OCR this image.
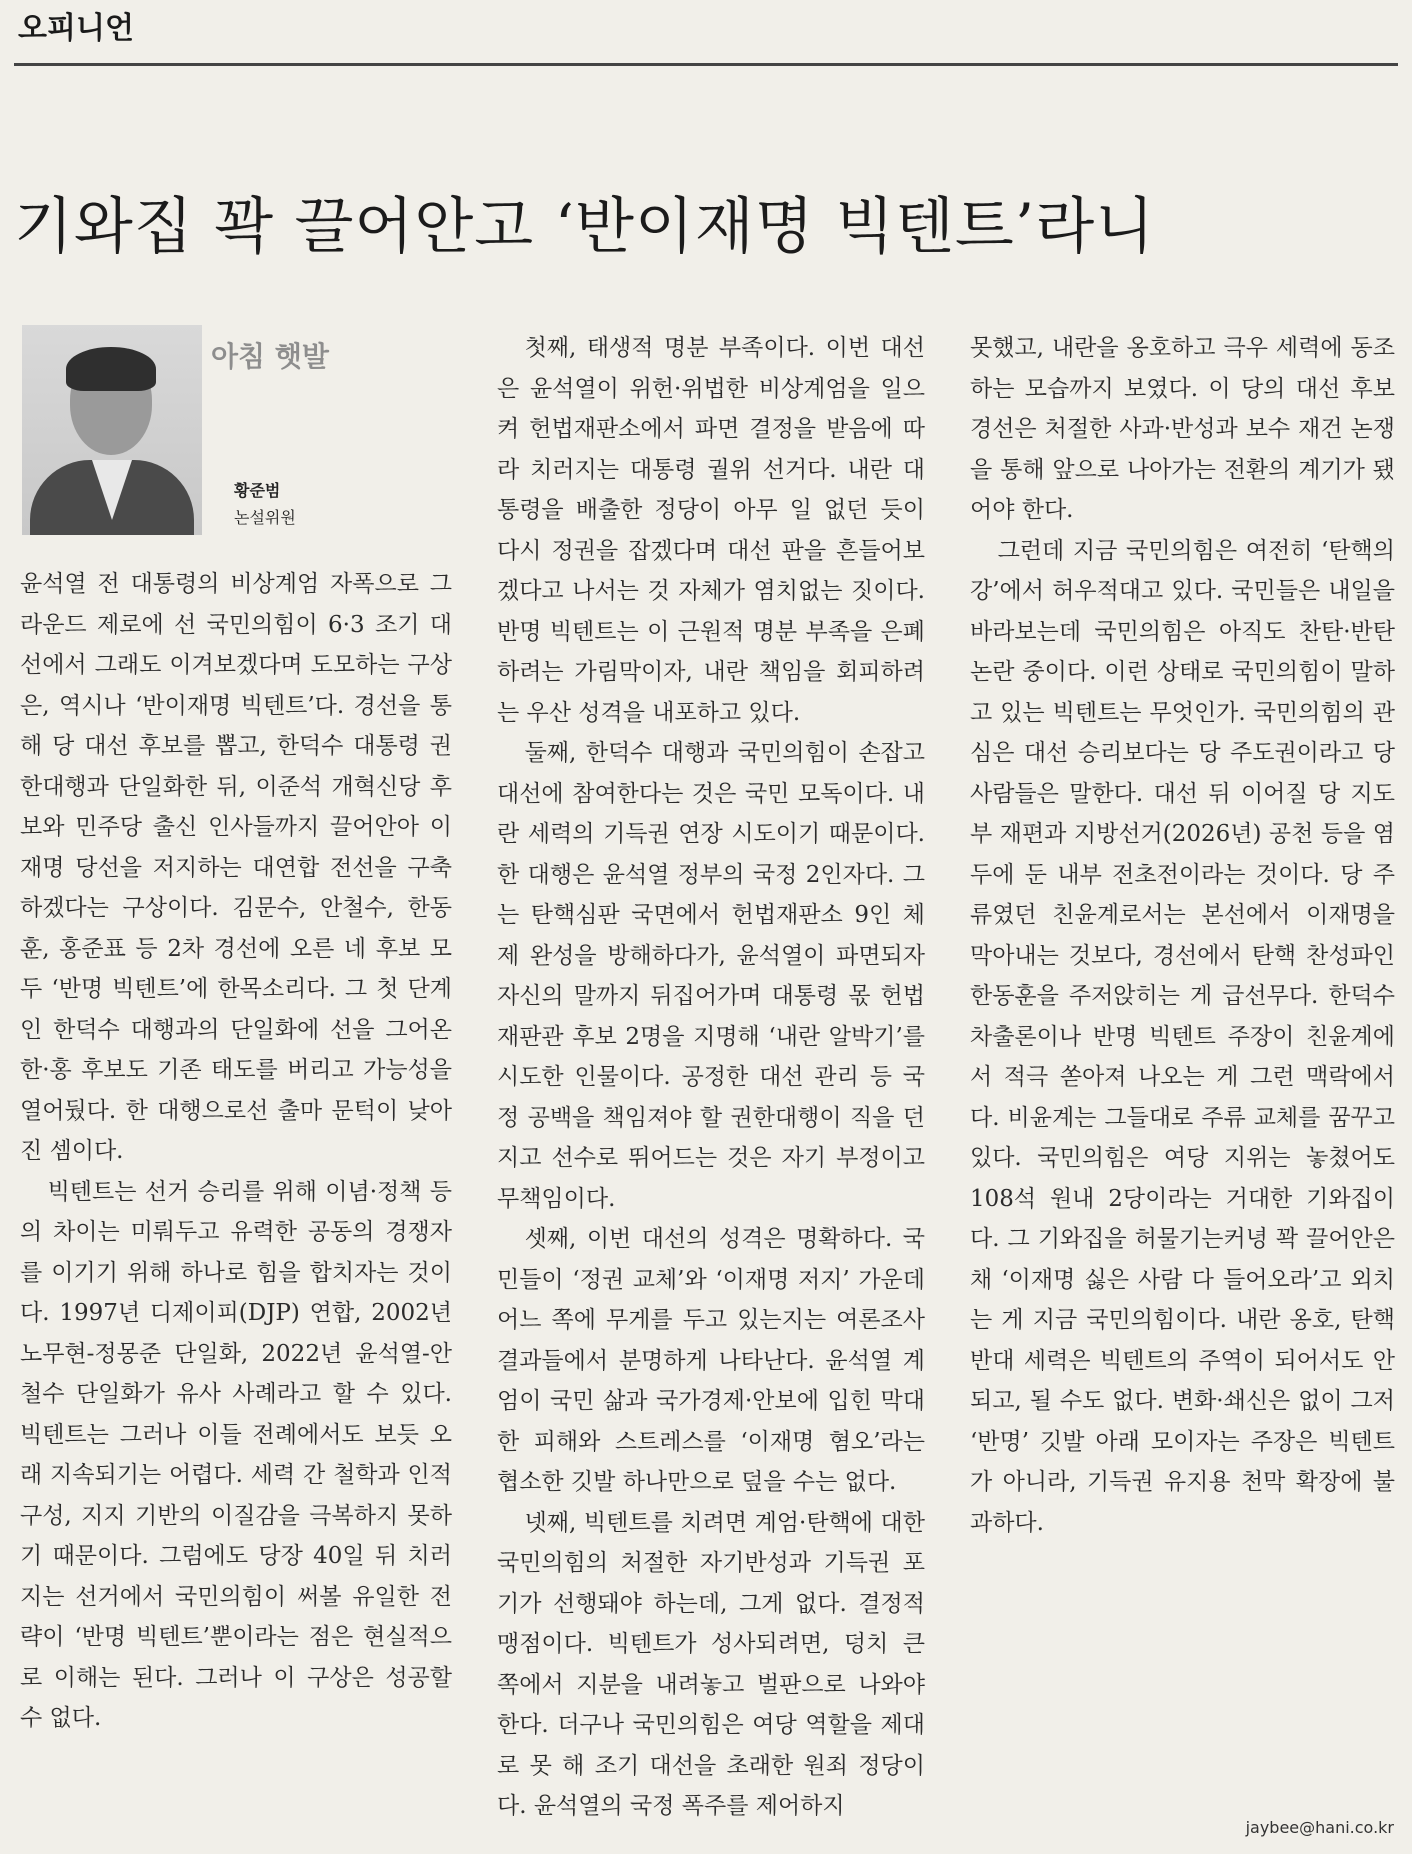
오피니언
기와집 꽉 끌어안고 ‘반이재명 빅텐트’라니
아침 햇발
황준범
논설위원

윤석열 전 대통령의 비상계엄 자폭으로 그라운드 제로에 선 국민의힘이 6·3 조기 대선에서 그래도 이겨보겠다며 도모하는 구상은, 역시나 ‘반이재명 빅텐트’다. 경선을 통해 당 대선 후보를 뽑고, 한덕수 대통령 권한대행과 단일화한 뒤, 이준석 개혁신당 후보와 민주당 출신 인사들까지 끌어안아 이재명 당선을 저지하는 대연합 전선을 구축하겠다는 구상이다. 김문수, 안철수, 한동훈, 홍준표 등 2차 경선에 오른 네 후보 모두 ‘반명 빅텐트’에 한목소리다. 그 첫 단계인 한덕수 대행과의 단일화에 선을 그어온 한·홍 후보도 기존 태도를 버리고 가능성을 열어뒀다. 한 대행으로선 출마 문턱이 낮아진 셈이다.

빅텐트는 선거 승리를 위해 이념·정책 등의 차이는 미뤄두고 유력한 공동의 경쟁자를 이기기 위해 하나로 힘을 합치자는 것이다. 1997년 디제이피(DJP) 연합, 2002년 노무현-정몽준 단일화, 2022년 윤석열-안철수 단일화가 유사 사례라고 할 수 있다. 빅텐트는 그러나 이들 전례에서도 보듯 오래 지속되기는 어렵다. 세력 간 철학과 인적 구성, 지지 기반의 이질감을 극복하지 못하기 때문이다. 그럼에도 당장 40일 뒤 치러지는 선거에서 국민의힘이 써볼 유일한 전략이 ‘반명 빅텐트’뿐이라는 점은 현실적으로 이해는 된다. 그러나 이 구상은 성공할 수 없다.

첫째, 태생적 명분 부족이다. 이번 대선은 윤석열이 위헌·위법한 비상계엄을 일으켜 헌법재판소에서 파면 결정을 받음에 따라 치러지는 대통령 궐위 선거다. 내란 대통령을 배출한 정당이 아무 일 없던 듯이 다시 정권을 잡겠다며 대선 판을 흔들어보겠다고 나서는 것 자체가 염치없는 짓이다. 반명 빅텐트는 이 근원적 명분 부족을 은폐하려는 가림막이자, 내란 책임을 회피하려는 우산 성격을 내포하고 있다.

둘째, 한덕수 대행과 국민의힘이 손잡고 대선에 참여한다는 것은 국민 모독이다. 내란 세력의 기득권 연장 시도이기 때문이다. 한 대행은 윤석열 정부의 국정 2인자다. 그는 탄핵심판 국면에서 헌법재판소 9인 체제 완성을 방해하다가, 윤석열이 파면되자 자신의 말까지 뒤집어가며 대통령 몫 헌법재판관 후보 2명을 지명해 ‘내란 알박기’를 시도한 인물이다. 공정한 대선 관리 등 국정 공백을 책임져야 할 권한대행이 직을 던지고 선수로 뛰어드는 것은 자기 부정이고 무책임이다.

셋째, 이번 대선의 성격은 명확하다. 국민들이 ‘정권 교체’와 ‘이재명 저지’ 가운데 어느 쪽에 무게를 두고 있는지는 여론조사 결과들에서 분명하게 나타난다. 윤석열 계엄이 국민 삶과 국가경제·안보에 입힌 막대한 피해와 스트레스를 ‘이재명 혐오’라는 협소한 깃발 하나만으로 덮을 수는 없다.

넷째, 빅텐트를 치려면 계엄·탄핵에 대한 국민의힘의 처절한 자기반성과 기득권 포기가 선행돼야 하는데, 그게 없다. 결정적 맹점이다. 빅텐트가 성사되려면, 덩치 큰 쪽에서 지분을 내려놓고 벌판으로 나와야 한다. 더구나 국민의힘은 여당 역할을 제대로 못 해 조기 대선을 초래한 원죄 정당이다. 윤석열의 국정 폭주를 제어하지

못했고, 내란을 옹호하고 극우 세력에 동조하는 모습까지 보였다. 이 당의 대선 후보 경선은 처절한 사과·반성과 보수 재건 논쟁을 통해 앞으로 나아가는 전환의 계기가 됐어야 한다.

그런데 지금 국민의힘은 여전히 ‘탄핵의 강’에서 허우적대고 있다. 국민들은 내일을 바라보는데 국민의힘은 아직도 찬탄·반탄 논란 중이다. 이런 상태로 국민의힘이 말하고 있는 빅텐트는 무엇인가. 국민의힘의 관심은 대선 승리보다는 당 주도권이라고 당 사람들은 말한다. 대선 뒤 이어질 당 지도부 재편과 지방선거(2026년) 공천 등을 염두에 둔 내부 전초전이라는 것이다. 당 주류였던 친윤계로서는 본선에서 이재명을 막아내는 것보다, 경선에서 탄핵 찬성파인 한동훈을 주저앉히는 게 급선무다. 한덕수 차출론이나 반명 빅텐트 주장이 친윤계에서 적극 쏟아져 나오는 게 그런 맥락에서다. 비윤계는 그들대로 주류 교체를 꿈꾸고 있다. 국민의힘은 여당 지위는 놓쳤어도 108석 원내 2당이라는 거대한 기와집이다. 그 기와집을 허물기는커녕 꽉 끌어안은 채 ‘이재명 싫은 사람 다 들어오라’고 외치는 게 지금 국민의힘이다. 내란 옹호, 탄핵 반대 세력은 빅텐트의 주역이 되어서도 안 되고, 될 수도 없다. 변화·쇄신은 없이 그저 ‘반명’ 깃발 아래 모이자는 주장은 빅텐트가 아니라, 기득권 유지용 천막 확장에 불과하다.

jaybee@hani.co.kr
